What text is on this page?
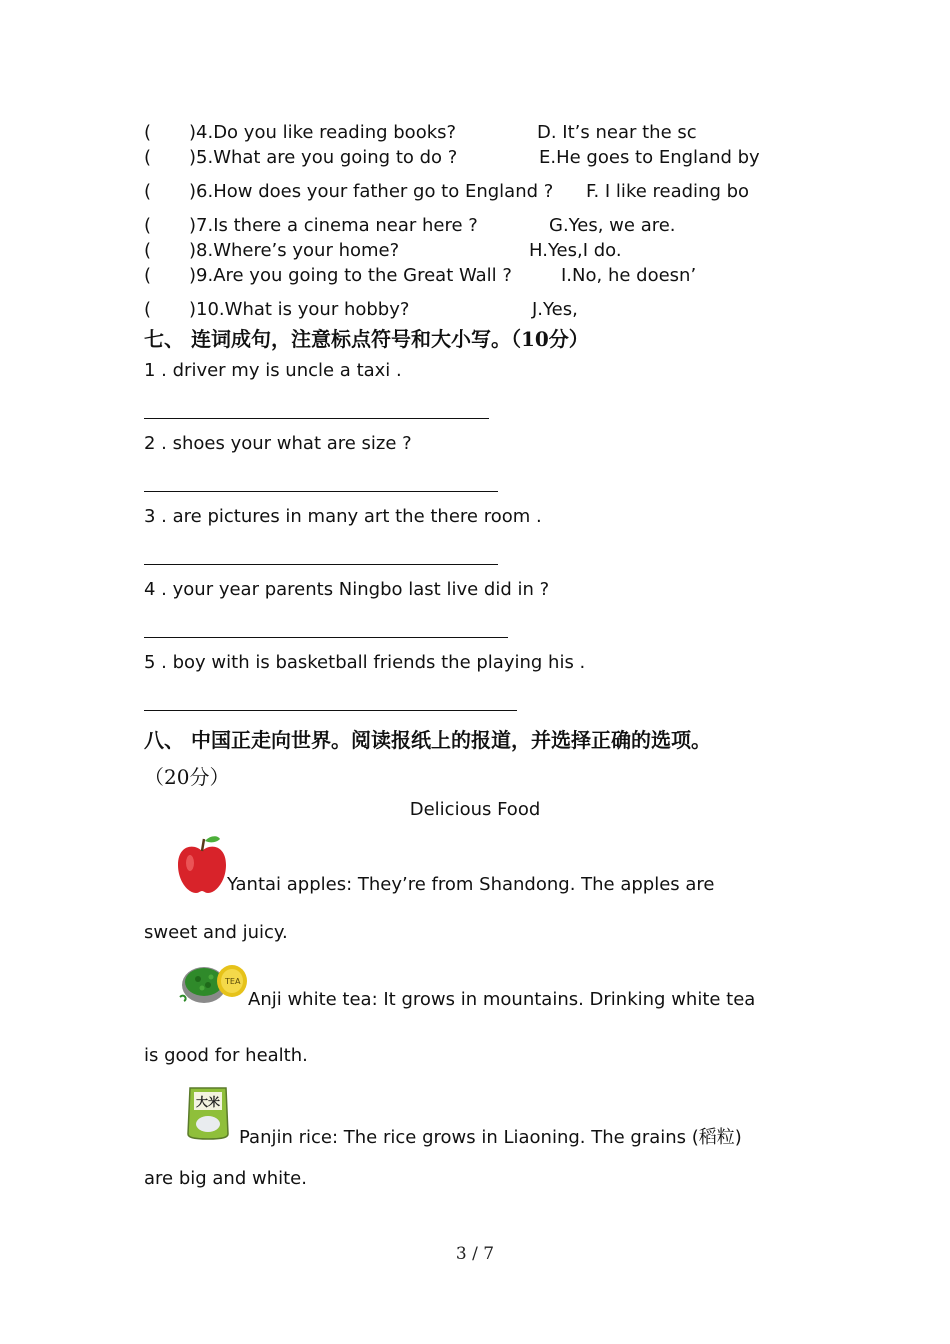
(	)4.Do you like reading books?	D. It’s near the sc
(	)5.What are you going to do ?	E.He goes to England by
(	)6.How does your father go to England ? F. I like reading bo
(	)7.Is there a cinema near here ?	G.Yes, we are.
(	)8.Where’s your home?	H.Yes,I do.
(	)9.Are you going to the Great Wall ?	I.No, he doesn’
(	)10.What is your hobby?	J.Yes,
七、 连词成句，注意标点符号和大小写。（10分）
1 . driver my is uncle a taxi .
2 . shoes your what are size ?
3 . are pictures in many art the there room .
4 . your year parents Ningbo last live did in ?
5 . boy with is basketball friends the playing his .
八、 中国正走向世界。阅读报纸上的报道，并选择正确的选项。
（20分）
Delicious Food
Yantai apples: They’re from Shandong. The apples are
sweet and juicy.
TEA
Anji white tea: It grows in mountains. Drinking white tea
is good for health.
大米
Panjin rice: The rice grows in Liaoning. The grains (稻粒)
are big and white.
3 / 7
